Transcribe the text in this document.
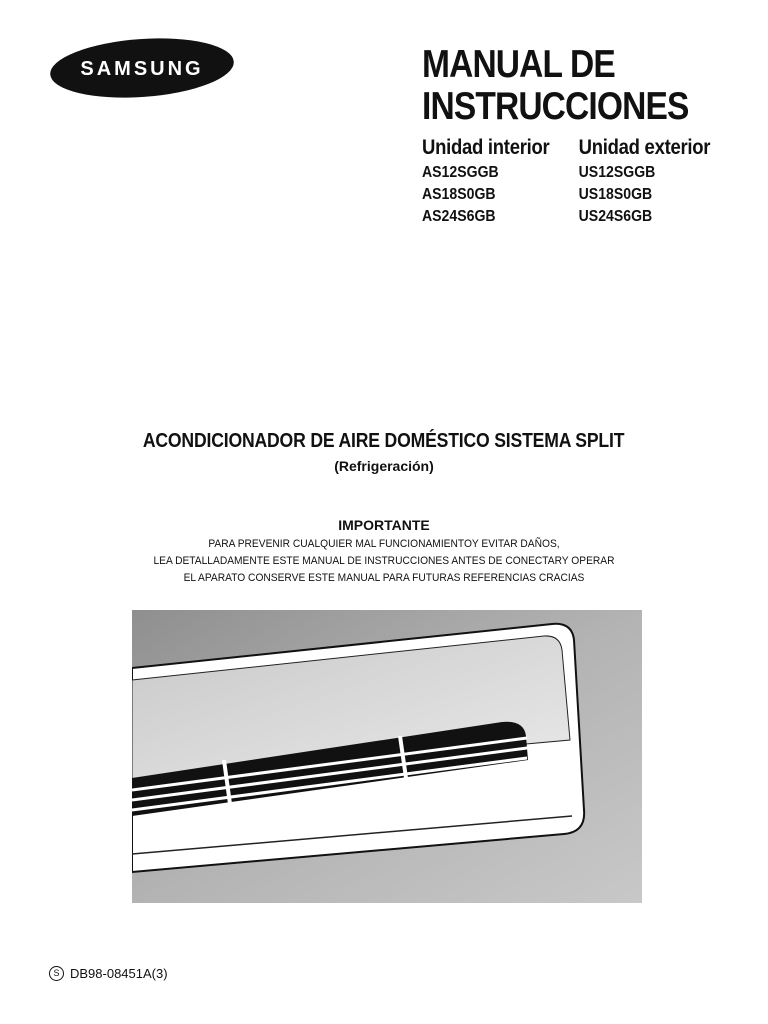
SAMSUNG	MANUAL DE
INSTRUCCIONES
Unidad interior
AS12SGGB
AS18S0GB
AS24S6GB
Unidad exterior
US12SGGB
US18S0GB
US24S6GB
ACONDICIONADOR DE AIRE DOMÉSTICO SISTEMA SPLIT
(Refrigeración)
IMPORTANTE
PARA PREVENIR CUALQUIER MAL FUNCIONAMIENTOY EVITAR DAÑOS,
LEA DETALLADAMENTE ESTE MANUAL DE INSTRUCCIONES ANTES DE CONECTARY OPERAR
EL APARATO CONSERVE ESTE MANUAL PARA FUTURAS REFERENCIAS CRACIAS
S DB98-08451A(3)
